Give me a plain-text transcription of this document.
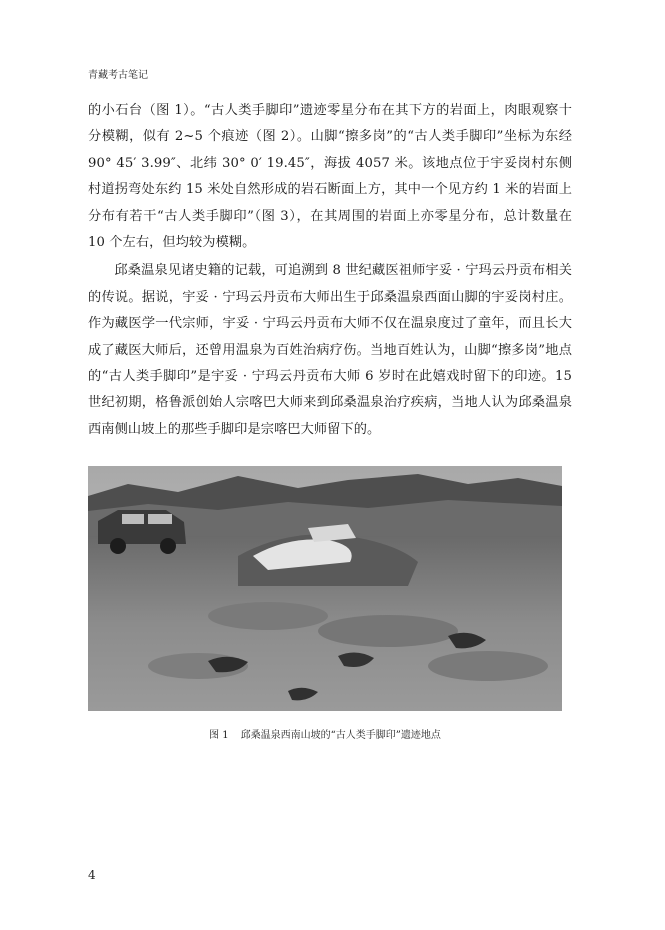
青藏考古笔记

的小石台（图 1）。“古人类手脚印”遗迹零星分布在其下方的岩面上，肉眼观察十分模糊，似有 2~5 个痕迹（图 2）。山脚“擦多岗”的“古人类手脚印”坐标为东经 90° 45′ 3.99″、北纬 30° 0′ 19.45″，海拔 4057 米。该地点位于宇妥岗村东侧村道拐弯处东约 15 米处自然形成的岩石断面上方，其中一个见方约 1 米的岩面上分布有若干“古人类手脚印”（图 3），在其周围的岩面上亦零星分布，总计数量在 10 个左右，但均较为模糊。

邱桑温泉见诸史籍的记载，可追溯到 8 世纪藏医祖师宇妥 · 宁玛云丹贡布相关的传说。据说，宇妥 · 宁玛云丹贡布大师出生于邱桑温泉西面山脚的宇妥岗村庄。作为藏医学一代宗师，宇妥 · 宁玛云丹贡布大师不仅在温泉度过了童年，而且长大成了藏医大师后，还曾用温泉为百姓治病疗伤。当地百姓认为，山脚“擦多岗”地点的“古人类手脚印”是宇妥 · 宁玛云丹贡布大师 6 岁时在此嬉戏时留下的印迹。15 世纪初期，格鲁派创始人宗喀巴大师来到邱桑温泉治疗疾病，当地人认为邱桑温泉西南侧山坡上的那些手脚印是宗喀巴大师留下的。

图 1 邱桑温泉西南山坡的“古人类手脚印”遗迹地点
4
